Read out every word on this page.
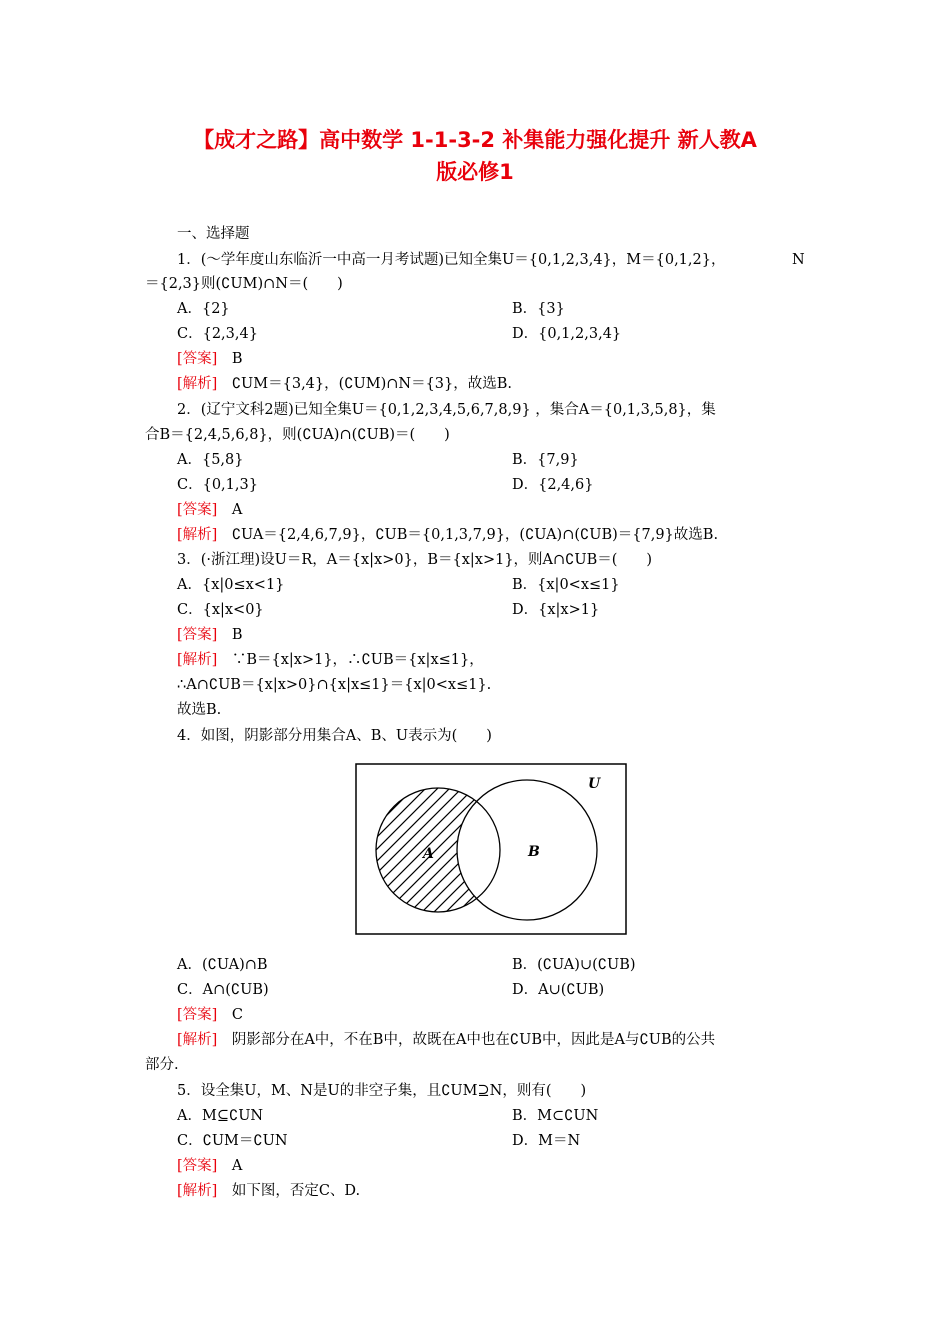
【成才之路】高中数学 1-1-3-2 补集能力强化提升 新人教A
版必修1
一、选择题
1．(～学年度山东临沂一中高一月考试题)已知全集U＝{0,1,2,3,4}，M＝{0,1,2}，	N
＝{2,3}则(∁UM)∩N＝(　　)
A．{2}	B．{3}
C．{2,3,4}	D．{0,1,2,3,4}
[答案]　 B
[解析]　 ∁UM＝{3,4}，(∁UM)∩N＝{3}，故选B.
2．(辽宁文科2题)已知全集U＝{0,1,2,3,4,5,6,7,8,9} ，集合A＝{0,1,3,5,8}，集
合B＝{2,4,5,6,8}，则(∁UA)∩(∁UB)＝(　　)
A．{5,8}	B．{7,9}
C．{0,1,3}	D．{2,4,6}
[答案]　 A
[解析]　 ∁UA＝{2,4,6,7,9}，∁UB＝{0,1,3,7,9}，(∁UA)∩(∁UB)＝{7,9}故选B.
3．(·浙江理)设U＝R，A＝{x|x>0}，B＝{x|x>1}，则A∩∁UB＝(　　)
A．{x|0≤x<1}	B．{x|0<x≤1}
C．{x|x<0}	D．{x|x>1}
[答案]　 B
[解析]　 ∵B＝{x|x>1}，∴∁UB＝{x|x≤1}，
∴A∩∁UB＝{x|x>0}∩{x|x≤1}＝{x|0<x≤1}.
故选B.
4．如图，阴影部分用集合A、B、U表示为(　　)
U
A	B
A．(∁UA)∩B	B．(∁UA)∪(∁UB)
C．A∩(∁UB)	D．A∪(∁UB)
[答案]　 C
[解析]　 阴影部分在A中，不在B中，故既在A中也在∁UB中，因此是A与∁UB的公共
部分.
5．设全集U，M、N是U的非空子集，且∁UM⊇N，则有(　　)
A．M⊆∁UN	B．M⊂∁UN
C．∁UM＝∁UN	D．M＝N
[答案]　 A
[解析]　 如下图，否定C、D.
